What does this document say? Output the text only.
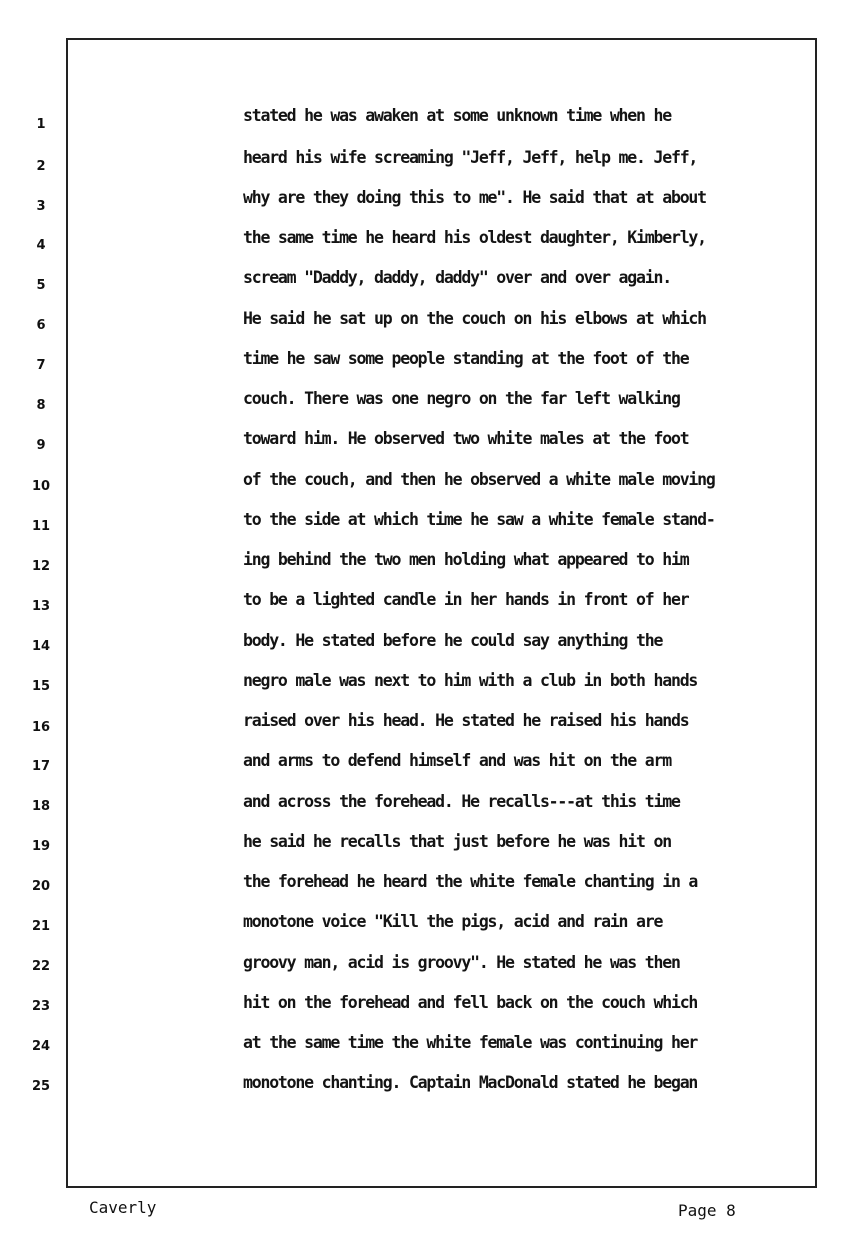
1
2
3
4
5
6
7
8
9
10
11
12
13
14
15
16
17
18
19
20
21
22
23
24
25
stated he was awaken at some unknown time when he
heard his wife screaming "Jeff, Jeff, help me. Jeff,
why are they doing this to me". He said that at about
the same time he heard his oldest daughter, Kimberly,
scream "Daddy, daddy, daddy" over and over again.
He said he sat up on the couch on his elbows at which
time he saw some people standing at the foot of the
couch. There was one negro on the far left walking
toward him. He observed two white males at the foot
of the couch, and then he observed a white male moving
to the side at which time he saw a white female stand-
ing behind the two men holding what appeared to him
to be a lighted candle in her hands in front of her
body. He stated before he could say anything the
negro male was next to him with a club in both hands
raised over his head. He stated he raised his hands
and arms to defend himself and was hit on the arm
and across the forehead. He recalls---at this time
he said he recalls that just before he was hit on
the forehead he heard the white female chanting in a
monotone voice "Kill the pigs, acid and rain are
groovy man, acid is groovy". He stated he was then
hit on the forehead and fell back on the couch which
at the same time the white female was continuing her
monotone chanting. Captain MacDonald stated he began
Caverly	Page 8
